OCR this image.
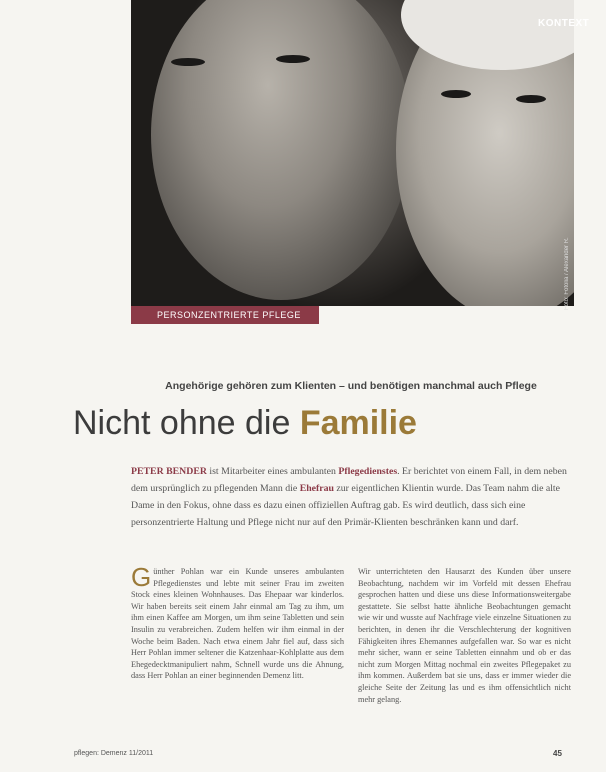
KONTEXT
Foto: Fotolia / Alexander R.
PERSONZENTRIERTE PFLEGE
Angehörige gehören zum Klienten – und benötigen manchmal auch Pflege
Nicht ohne die Familie
PETER BENDER ist Mitarbeiter eines ambulanten Pflegedienstes. Er berichtet von einem Fall, in dem neben dem ursprünglich zu pflegenden Mann die Ehefrau zur eigentlichen Klientin wurde. Das Team nahm die alte Dame in den Fokus, ohne dass es dazu einen offiziellen Auftrag gab. Es wird deutlich, dass sich eine personzentrierte Haltung und Pflege nicht nur auf den Primär-Klienten beschränken kann und darf.
Günther Pohlan war ein Kunde unseres ambulanten Pflegedienstes und lebte mit seiner Frau im zweiten Stock eines kleinen Wohnhauses. Das Ehepaar war kinderlos. Wir haben bereits seit einem Jahr einmal am Tag zu ihm, um ihm einen Kaffee am Morgen, um ihm seine Tabletten und sein Insulin zu verabreichen. Zudem helfen wir ihm einmal in der Woche beim Baden. Nach etwa einem Jahr fiel auf, dass sich Herr Pohlan immer seltener die Katzenhaar-Kohlplatte aus dem Ehegedecktmanipuliert nahm, Schnell wurde uns die Ahnung, dass Herr Pohlan an einer beginnenden Demenz litt.
Wir unterrichteten den Hausarzt des Kunden über unsere Beobachtung, nachdem wir im Vorfeld mit dessen Ehefrau gesprochen hatten und diese uns diese Informationsweitergabe gestattete. Sie selbst hatte ähnliche Beobachtungen gemacht wie wir und wusste auf Nachfrage viele einzelne Situationen zu berichten, in denen ihr die Verschlechterung der kognitiven Fähigkeiten ihres Ehemannes aufgefallen war. So war es nicht mehr sicher, wann er seine Tabletten einnahm und ob er das nicht zum Morgen Mittag nochmal ein zweites Pflegepaket zu ihm kommen. Außerdem bat sie uns, dass er immer wieder die gleiche Seite der Zeitung las und es ihm offensichtlich nicht mehr gelang.
pflegen: Demenz 11/2011	45
